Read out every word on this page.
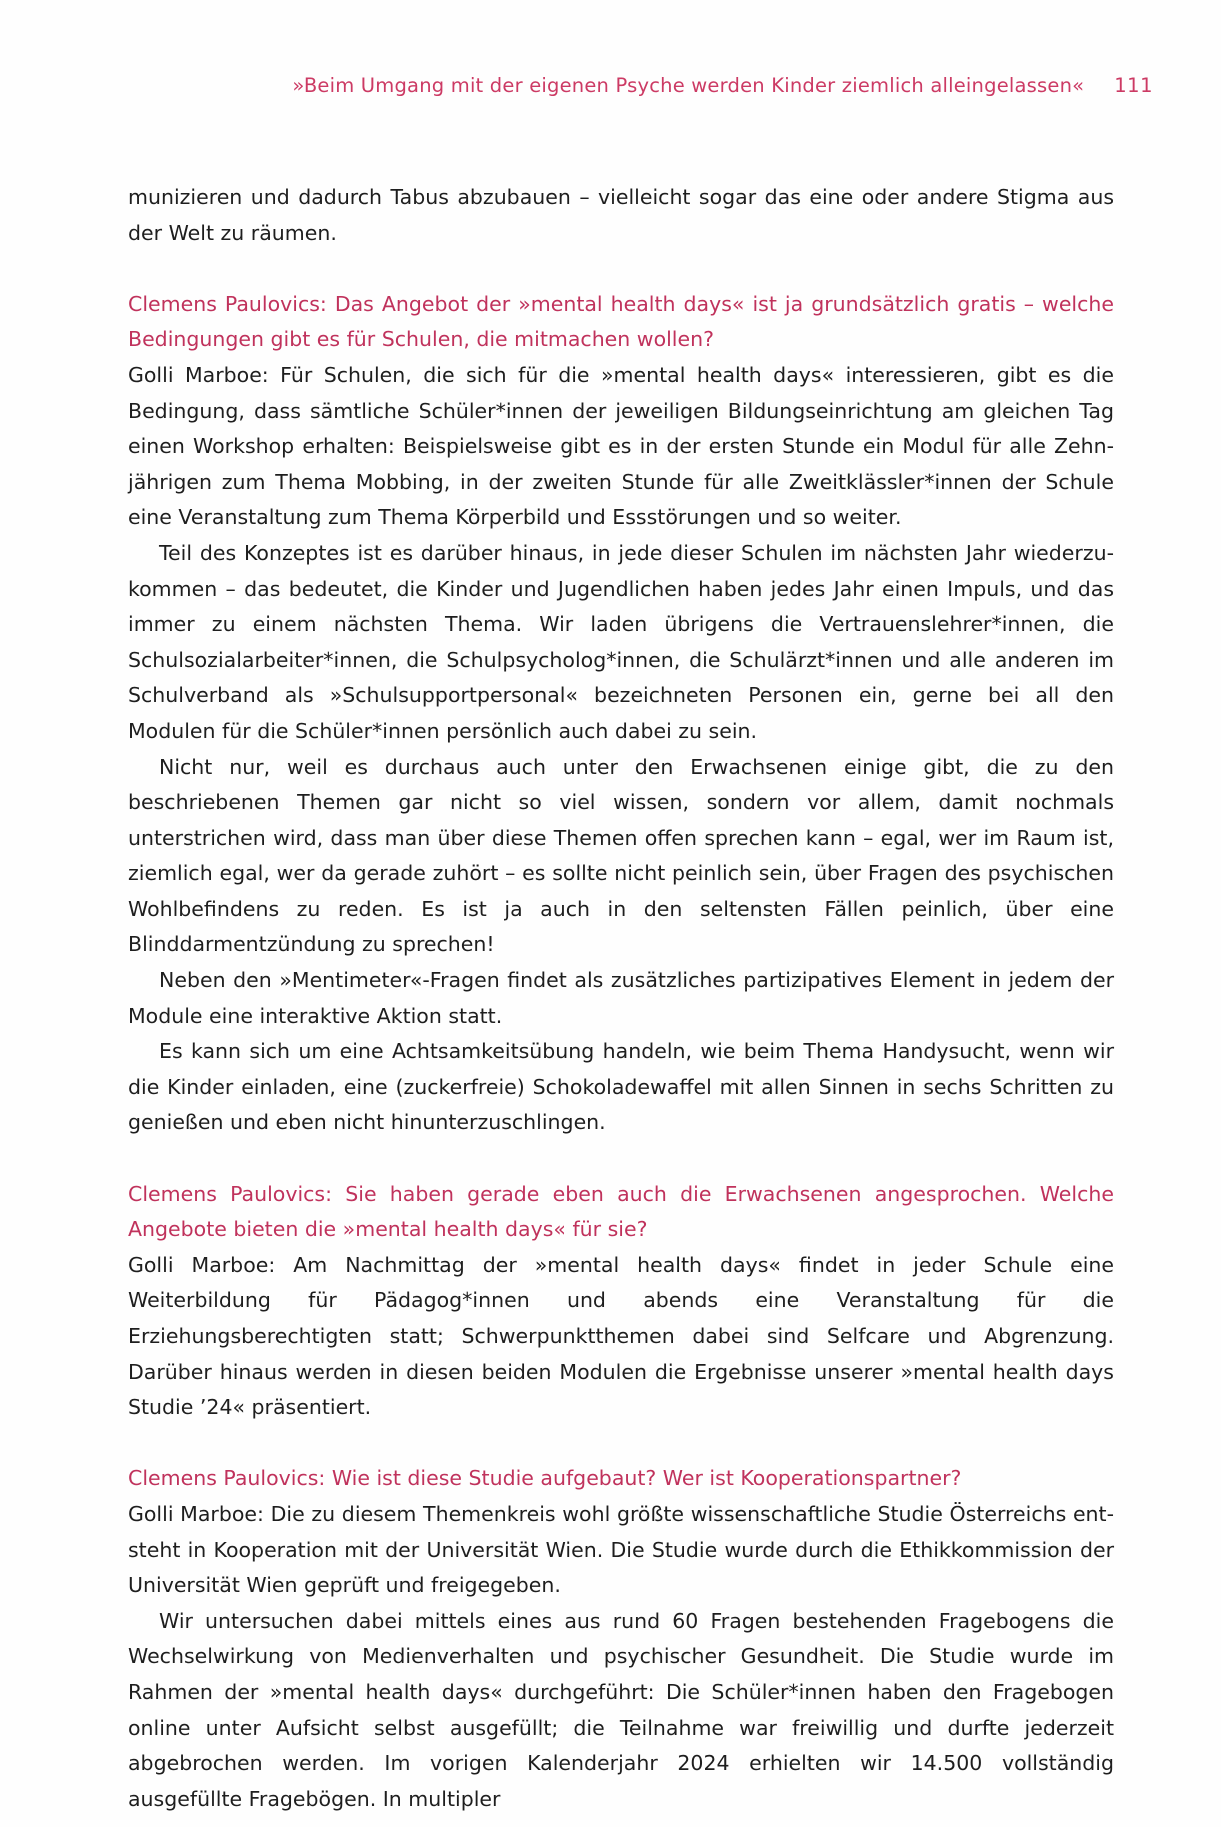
»Beim Umgang mit der eigenen Psyche werden Kinder ziemlich alleingelassen« 111

munizieren und dadurch Tabus abzubauen – vielleicht sogar das eine oder andere Stigma aus der Welt zu räumen.

Clemens Paulovics: Das Angebot der »mental health days« ist ja grundsätzlich gratis – welche Bedingungen gibt es für Schulen, die mitmachen wollen?

Golli Marboe: Für Schulen, die sich für die »mental health days« interessieren, gibt es die Bedingung, dass sämtliche Schüler*innen der jeweiligen Bildungseinrichtung am gleichen Tag einen Workshop erhalten: Beispielsweise gibt es in der ersten Stunde ein Modul für alle Zehnjährigen zum Thema Mobbing, in der zweiten Stunde für alle Zweitklässler*innen der Schule eine Veranstaltung zum Thema Körperbild und Essstörungen und so weiter.

Teil des Konzeptes ist es darüber hinaus, in jede dieser Schulen im nächsten Jahr wiederzukommen – das bedeutet, die Kinder und Jugendlichen haben jedes Jahr einen Impuls, und das immer zu einem nächsten Thema. Wir laden übrigens die Vertrauenslehrer*innen, die Schulsozialarbeiter*innen, die Schulpsycholog*innen, die Schulärzt*innen und alle anderen im Schulverband als »Schulsupportpersonal« bezeichneten Personen ein, gerne bei all den Modulen für die Schüler*innen persönlich auch dabei zu sein.

Nicht nur, weil es durchaus auch unter den Erwachsenen einige gibt, die zu den beschriebenen Themen gar nicht so viel wissen, sondern vor allem, damit nochmals unterstrichen wird, dass man über diese Themen offen sprechen kann – egal, wer im Raum ist, ziemlich egal, wer da gerade zuhört – es sollte nicht peinlich sein, über Fragen des psychischen Wohlbefindens zu reden. Es ist ja auch in den seltensten Fällen peinlich, über eine Blinddarmentzündung zu sprechen!

Neben den »Mentimeter«-Fragen findet als zusätzliches partizipatives Element in jedem der Module eine interaktive Aktion statt.

Es kann sich um eine Achtsamkeitsübung handeln, wie beim Thema Handysucht, wenn wir die Kinder einladen, eine (zuckerfreie) Schokoladewaffel mit allen Sinnen in sechs Schritten zu genießen und eben nicht hinunterzuschlingen.

Clemens Paulovics: Sie haben gerade eben auch die Erwachsenen angesprochen. Welche Angebote bieten die »mental health days« für sie?

Golli Marboe: Am Nachmittag der »mental health days« findet in jeder Schule eine Weiterbildung für Pädagog*innen und abends eine Veranstaltung für die Erziehungsberechtigten statt; Schwerpunktthemen dabei sind Selfcare und Abgrenzung. Darüber hinaus werden in diesen beiden Modulen die Ergebnisse unserer »mental health days Studie ’24« präsentiert.

Clemens Paulovics: Wie ist diese Studie aufgebaut? Wer ist Kooperationspartner?

Golli Marboe: Die zu diesem Themenkreis wohl größte wissenschaftliche Studie Österreichs entsteht in Kooperation mit der Universität Wien. Die Studie wurde durch die Ethikkommission der Universität Wien geprüft und freigegeben.

Wir untersuchen dabei mittels eines aus rund 60 Fragen bestehenden Fragebogens die Wechselwirkung von Medienverhalten und psychischer Gesundheit. Die Studie wurde im Rahmen der »mental health days« durchgeführt: Die Schüler*innen haben den Fragebogen online unter Aufsicht selbst ausgefüllt; die Teilnahme war freiwillig und durfte jederzeit abgebrochen werden. Im vorigen Kalenderjahr 2024 erhielten wir 14.500 vollständig ausgefüllte Fragebögen. In multipler
